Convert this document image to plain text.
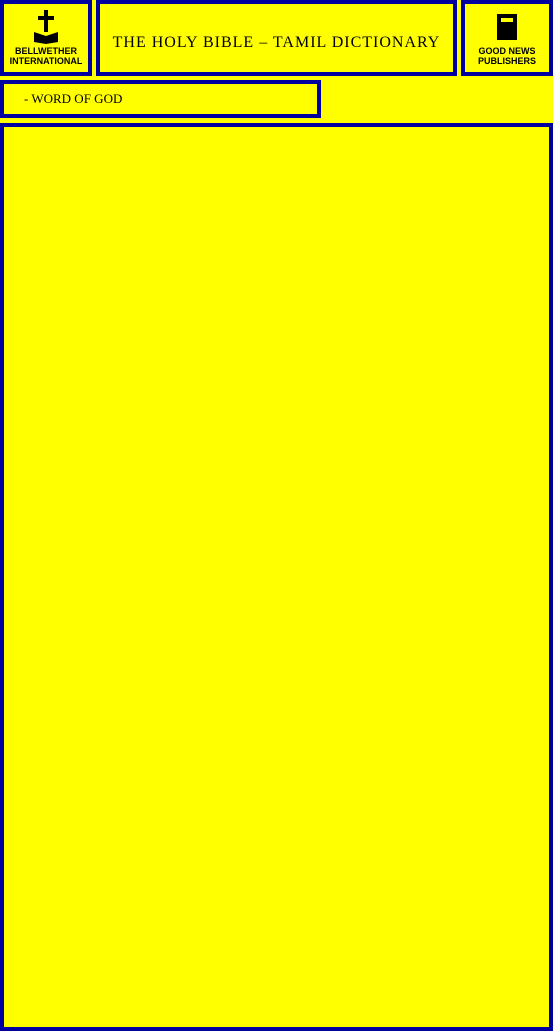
BELLWETHER
INTERNATIONAL
THE HOLY BIBLE – TAMIL DICTIONARY	GOOD NEWS
PUBLISHERS
- WORD OF GOD
